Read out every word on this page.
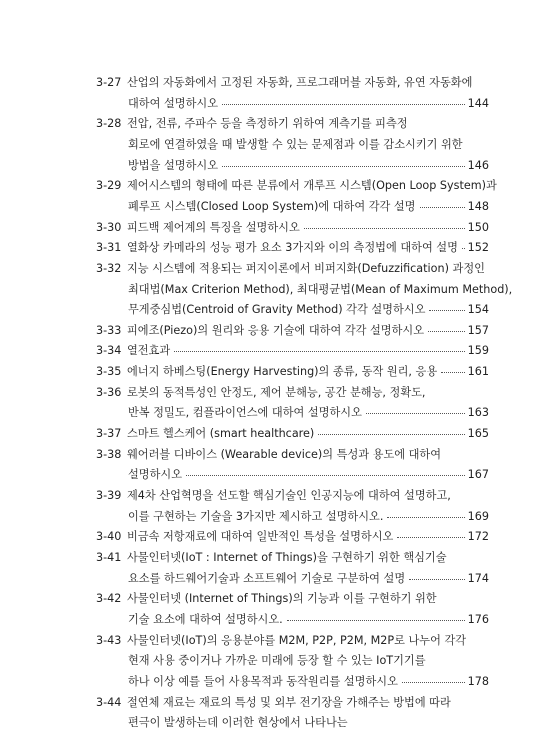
3-27 산업의 자동화에서 고정된 자동화, 프로그래머블 자동화, 유연 자동화에
대하여 설명하시오	144
3-28 전압, 전류, 주파수 등을 측정하기 위하여 계측기를 피측정
회로에 연결하였을 때 발생할 수 있는 문제점과 이를 감소시키기 위한
방법을 설명하시오	146
3-29 제어시스템의 형태에 따른 분류에서 개루프 시스템(Open Loop System)과
폐루프 시스템(Closed Loop System)에 대하여 각각 설명	148
3-30 피드백 제어계의 특징을 설명하시오	150
3-31 열화상 카메라의 성능 평가 요소 3가지와 이의 측정법에 대하여 설명 152
3-32 지능 시스템에 적용되는 퍼지이론에서 비퍼지화(Defuzzification) 과정인
최대법(Max Criterion Method), 최대평균법(Mean of Maximum Method),
무게중심법(Centroid of Gravity Method) 각각 설명하시오	154
3-33 피에조(Piezo)의 원리와 응용 기술에 대하여 각각 설명하시오	157
3-34 열전효과	159
3-35 에너지 하베스팅(Energy Harvesting)의 종류, 동작 원리, 응용	161
3-36 로봇의 동적특성인 안정도, 제어 분해능, 공간 분해능, 정확도,
반복 정밀도, 컴플라이언스에 대하여 설명하시오	163
3-37 스마트 헬스케어 (smart healthcare)	165
3-38 웨어러블 디바이스 (Wearable device)의 특성과 용도에 대하여
설명하시오	167
3-39 제4차 산업혁명을 선도할 핵심기술인 인공지능에 대하여 설명하고,
이를 구현하는 기술을 3가지만 제시하고 설명하시오.	169
3-40 비금속 저항재료에 대하여 일반적인 특성을 설명하시오	172
3-41 사물인터넷(IoT : Internet of Things)을 구현하기 위한 핵심기술
요소를 하드웨어기술과 소프트웨어 기술로 구분하여 설명	174
3-42 사물인터넷 (Internet of Things)의 기능과 이를 구현하기 위한
기술 요소에 대하여 설명하시오.	176
3-43 사물인터넷(IoT)의 응용분야를 M2M, P2P, P2M, M2P로 나누어 각각
현재 사용 중이거나 가까운 미래에 등장 할 수 있는 IoT기기를
하나 이상 예를 들어 사용목적과 동작원리를 설명하시오	178
3-44 절연체 재료는 재료의 특성 및 외부 전기장을 가해주는 방법에 따라
편극이 발생하는데 이러한 현상에서 나타나는
